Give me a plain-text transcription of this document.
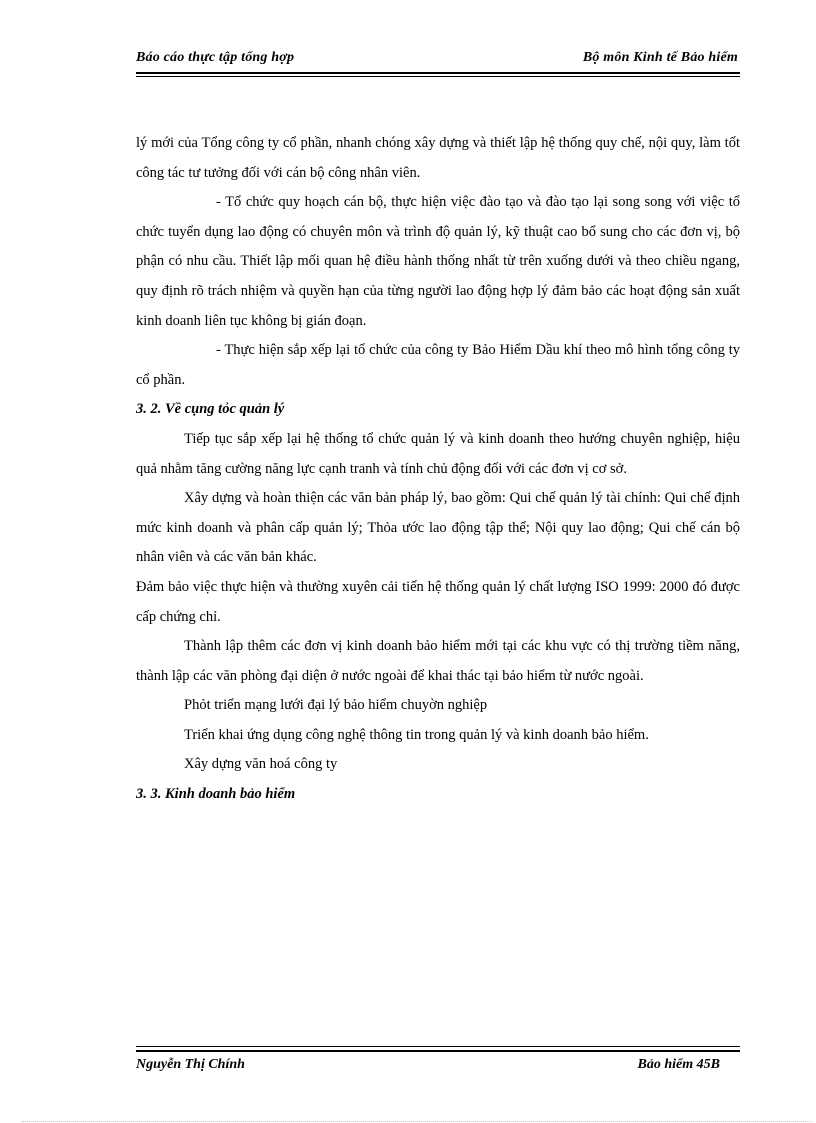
Báo cáo thực tập tổng hợp	Bộ môn Kinh tế Bảo hiểm

lý mới của Tổng công ty cổ phần, nhanh chóng xây dựng và thiết lập hệ thống quy chế, nội quy, làm tốt công tác tư tưởng đối với cán bộ công nhân viên.

- Tổ chức quy hoạch cán bộ, thực hiện việc đào tạo và đào tạo lại song song với việc tổ chức tuyển dụng lao động có chuyên môn và trình độ quản lý, kỹ thuật cao bổ sung cho các đơn vị, bộ phận có nhu cầu. Thiết lập mối quan hệ điều hành thống nhất từ trên xuống dưới và theo chiều ngang, quy định rõ trách nhiệm và quyền hạn của từng người lao động hợp lý đảm bảo các hoạt động sản xuất kinh doanh liên tục không bị gián đoạn.

- Thực hiện sắp xếp lại tổ chức của công ty Bảo Hiểm Dầu khí theo mô hình tổng công ty cổ phần.

3. 2. Về cụng tỏc quản lý

Tiếp tục sắp xếp lại hệ thống tổ chức quản lý và kinh doanh theo hướng chuyên nghiệp, hiệu quả nhằm tăng cường năng lực cạnh tranh và tính chủ động đối với các đơn vị cơ sở.

Xây dựng và hoàn thiện các văn bản pháp lý, bao gồm: Qui chế quản lý tài chính: Qui chế định mức kinh doanh và phân cấp quản lý; Thỏa ước lao động tập thể; Nội quy lao động; Qui chế cán bộ nhân viên và các văn bản khác.

Đảm bảo việc thực hiện và thường xuyên cải tiến hệ thống quản lý chất lượng ISO 1999: 2000 đó được cấp chứng chỉ.

Thành lập thêm các đơn vị kinh doanh bảo hiểm mới tại các khu vực có thị trường tiềm năng, thành lập các văn phòng đại diện ở nước ngoài để khai thác tại bảo hiểm từ nước ngoài.

Phỏt triển mạng lưới đại lý bảo hiểm chuyờn nghiệp

Triển khai ứng dụng công nghệ thông tin trong quản lý và kinh doanh bảo hiểm.

Xây dựng văn hoá công ty

3. 3. Kinh doanh bảo hiểm

Nguyễn Thị Chính	Bảo hiểm 45B
